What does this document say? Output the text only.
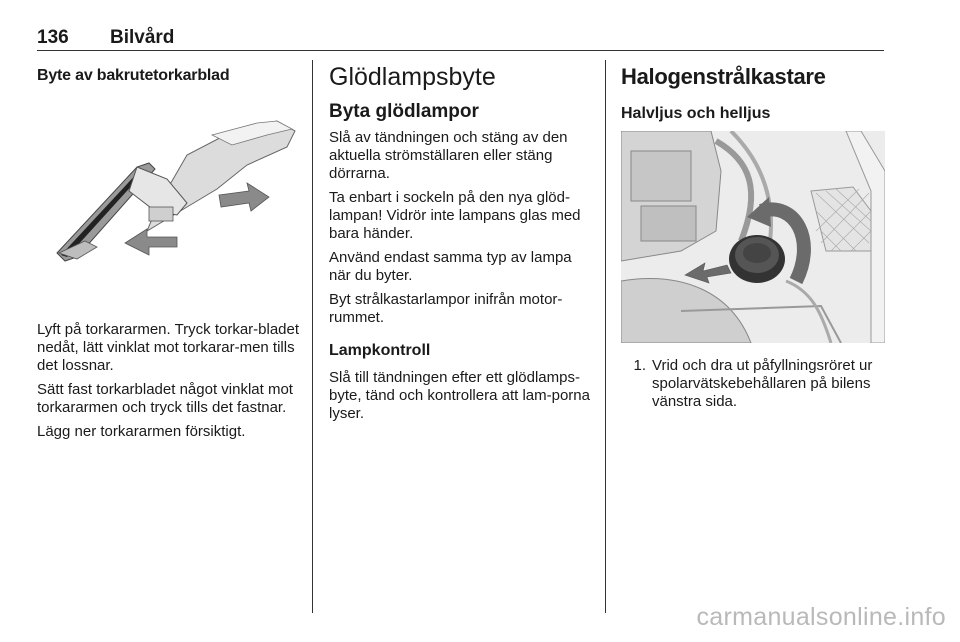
136 Bilvård
Byte av bakrutetorkarblad

Lyft på torkararmen. Tryck torkar-bladet nedåt, lätt vinklat mot torkarar-men tills det lossnar.

Sätt fast torkarbladet något vinklat mot torkararmen och tryck tills det fastnar.

Lägg ner torkararmen försiktigt.

Glödlampsbyte
Byta glödlampor

Slå av tändningen och stäng av den aktuella strömställaren eller stäng dörrarna.

Ta enbart i sockeln på den nya glöd-lampan! Vidrör inte lampans glas med bara händer.

Använd endast samma typ av lampa när du byter.

Byt strålkastarlampor inifrån motor-rummet.

Lampkontroll

Slå till tändningen efter ett glödlamps-byte, tänd och kontrollera att lam-porna lyser.

Halogenstrålkastare
Halvljus och helljus
1. Vrid och dra ut påfyllningsröret ur spolarvätskebehållaren på bilens vänstra sida.
carmanualsonline.info
